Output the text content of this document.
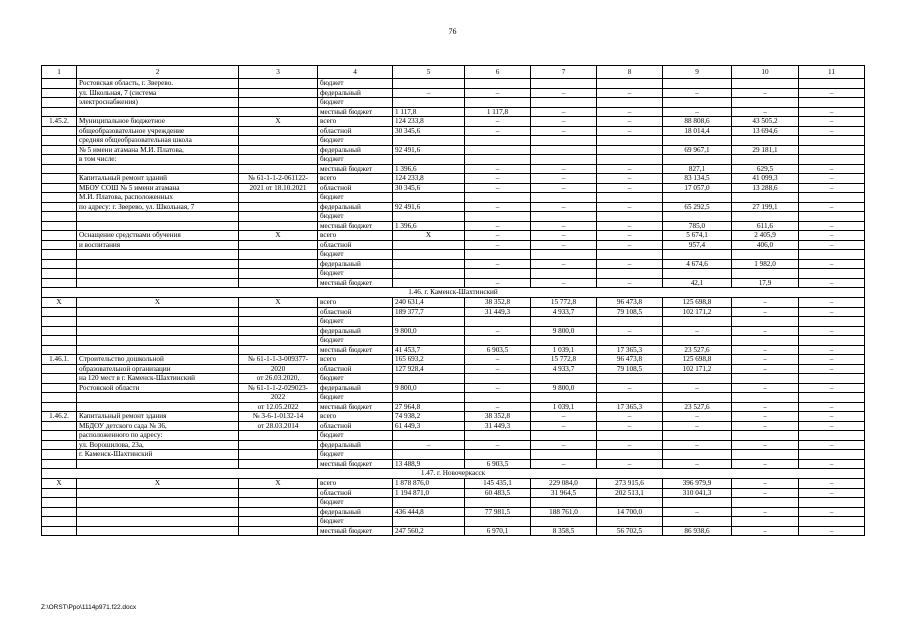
76
1	2	3	4	5	6	7	8	9	10	11
	Ростовская область, г. Зверево.		бюджет							
	ул. Школьная, 7 (система		федеральный	–	–	–	–	–	–	–
	электроснабжения)		бюджет							
			местный бюджет	1 117,8	1 117,8	–	–	–	–	–
1.45.2.	Муниципальное бюджетное	Х	всего	124 233,8	–	–	–	88 808,6	43 505,2	–
	общеобразовательное учреждение		областной	30 345,6	–	–	–	18 014,4	13 694,6	–
	средняя общеобразовательная школа		бюджет							
	№ 5 имени атамана М.И. Платова,		федеральный	92 491,6				69 967,1	29 181,1	
	в том числе:		бюджет							
			местный бюджет	1 396,6	–	–	–	827,1	629,5	–
	Капитальный ремонт зданий	№ 61-1-1-2-061122-	всего	124 233,8	–	–	–	83 134,5	41 099,3	–
	МБОУ СОШ № 5 имени атамана	2021 от 18.10.2021	областной	30 345,6	–	–	–	17 057,0	13 288,6	–
	М.И. Платова, расположенных		бюджет							
	по адресу: г. Зверево, ул. Школьная, 7		федеральный	92 491,6	–	–	–	65 292,5	27 199,1	–
			бюджет							
			местный бюджет	1 396,6	–	–	–	785,0	611,6	–
	Оснащение средствами обучения	Х	всего	Х	–	–	–	5 674,1	2 405,9	–
	и воспитания		областной		–	–	–	957,4	406,0	–
			бюджет							
			федеральный		–	–	–	4 674,6	1 982,0	–
			бюджет							
			местный бюджет		–	–	–	42,1	17,9	–
1.46. г. Каменск-Шахтинский										
Х	Х	Х	всего	240 631,4	38 352,8	15 772,8	96 473,8	125 698,8	–	–
			областной	189 377,7	31 449,3	4 933,7	79 108,5	102 171,2	–	–
			бюджет							
			федеральный	9 800,0	–	9 800,0	–	–	–	–
			бюджет							
			местный бюджет	41 453,7	6 903,5	1 039,1	17 365,3	23 527,6	–	–
1.46.1.	Строительство дошкольной	№ 61-1-1-3-009377-	всего	165 693,2	–	15 772,8	96 473,8	125 698,8	–	–
	образовательной организации	2020	областной	127 928,4	–	4 933,7	79 108,5	102 171,2	–	–
	на 120 мест в г. Каменск-Шахтинский	от 26.03.2020,	бюджет							
	Ростовской области	№ 61-1-1-2-029023-	федеральный	9 800,0	–	9 800,0	–	–	–	–
		2022	бюджет							
		от 12.05.2022	местный бюджет	27 964,8	–	1 039,1	17 365,3	23 527,6	–	–
1.46.2.	Капитальный ремонт здания	№ 3-6-1-0132-14	всего	74 938,2	38 352,8	–	–	–	–	–
	МБДОУ детского сада № 36,	от 28.03.2014	областной	61 449,3	31 449,3	–	–	–	–	–
	расположенного по адресу:		бюджет							
	ул. Ворошилова, 23а,		федеральный	–	–	–	–	–	–	–
	г. Каменск-Шахтинский		бюджет							
			местный бюджет	13 488,9	6 903,5	–	–	–	–	–
1.47. г. Новочеркасск										
Х	Х	Х	всего	1 878 876,0	145 435,1	229 084,0	273 915,6	396 979,9	–	–
			областной	1 194 871,0	60 483,5	31 964,5	202 513,1	310 041,3	–	–
			бюджет							
			федеральный	436 444,8	77 981,5	188 761,0	14 700,0	–	–	–
			бюджет							
			местный бюджет	247 560,2	6 970,1	8 358,5	56 702,5	86 938,6	–	–
Z:\ORST\Ppo\1114p971.f22.docx
